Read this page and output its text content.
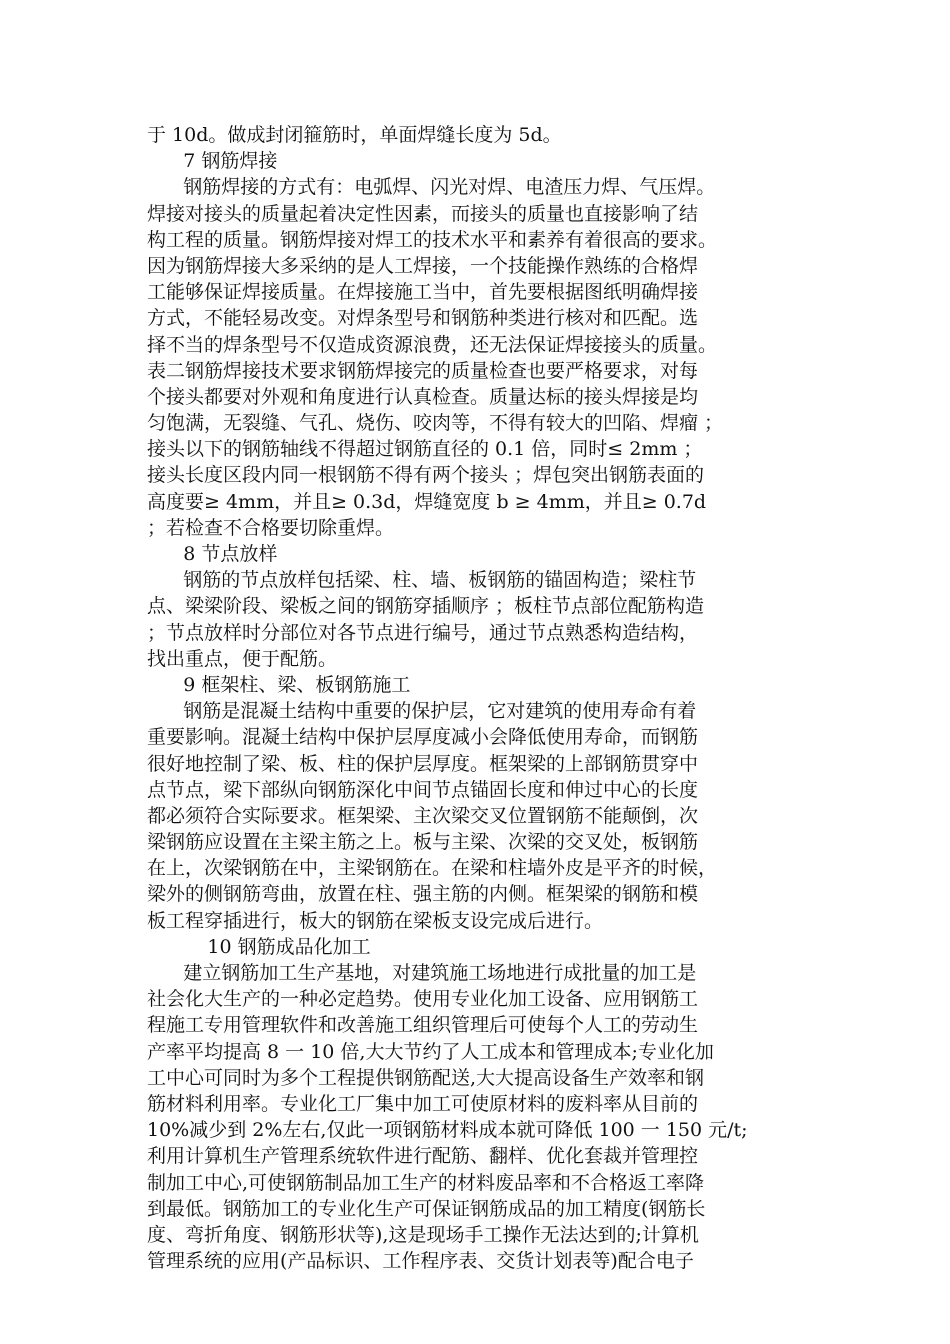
于 10d。做成封闭箍筋时，单面焊缝长度为 5d。
7 钢筋焊接
钢筋焊接的方式有：电弧焊、闪光对焊、电渣压力焊、气压焊。
焊接对接头的质量起着决定性因素，而接头的质量也直接影响了结
构工程的质量。钢筋焊接对焊工的技术水平和素养有着很高的要求。
因为钢筋焊接大多采纳的是人工焊接，一个技能操作熟练的合格焊
工能够保证焊接质量。在焊接施工当中，首先要根据图纸明确焊接
方式，不能轻易改变。对焊条型号和钢筋种类进行核对和匹配。选
择不当的焊条型号不仅造成资源浪费，还无法保证焊接接头的质量。
表二钢筋焊接技术要求钢筋焊接完的质量检查也要严格要求，对每
个接头都要对外观和角度进行认真检查。质量达标的接头焊接是均
匀饱满，无裂缝、气孔、烧伤、咬肉等，不得有较大的凹陷、焊瘤 ；
接头以下的钢筋轴线不得超过钢筋直径的 0.1 倍，同时≤ 2mm ；
接头长度区段内同一根钢筋不得有两个接头 ；焊包突出钢筋表面的
高度要≥ 4mm，并且≥ 0.3d，焊缝宽度 b ≥ 4mm，并且≥ 0.7d
；若检查不合格要切除重焊。
8 节点放样
钢筋的节点放样包括梁、柱、墙、板钢筋的锚固构造；梁柱节
点、梁梁阶段、梁板之间的钢筋穿插顺序 ；板柱节点部位配筋构造
；节点放样时分部位对各节点进行编号，通过节点熟悉构造结构，
找出重点，便于配筋。
9 框架柱、梁、板钢筋施工
钢筋是混凝土结构中重要的保护层，它对建筑的使用寿命有着
重要影响。混凝土结构中保护层厚度减小会降低使用寿命，而钢筋
很好地控制了梁、板、柱的保护层厚度。框架梁的上部钢筋贯穿中
点节点，梁下部纵向钢筋深化中间节点锚固长度和伸过中心的长度
都必须符合实际要求。框架梁、主次梁交叉位置钢筋不能颠倒，次
梁钢筋应设置在主梁主筋之上。板与主梁、次梁的交叉处，板钢筋
在上，次梁钢筋在中，主梁钢筋在。在梁和柱墙外皮是平齐的时候，
梁外的侧钢筋弯曲，放置在柱、强主筋的内侧。框架梁的钢筋和模
板工程穿插进行，板大的钢筋在梁板支设完成后进行。
10 钢筋成品化加工
建立钢筋加工生产基地，对建筑施工场地进行成批量的加工是
社会化大生产的一种必定趋势。使用专业化加工设备、应用钢筋工
程施工专用管理软件和改善施工组织管理后可使每个人工的劳动生
产率平均提高 8 一 10 倍,大大节约了人工成本和管理成本;专业化加
工中心可同时为多个工程提供钢筋配送,大大提高设备生产效率和钢
筋材料利用率。专业化工厂集中加工可使原材料的废料率从目前的
10%减少到 2%左右,仅此一项钢筋材料成本就可降低 100 一 150 元/t;
利用计算机生产管理系统软件进行配筋、翻样、优化套裁并管理控
制加工中心,可使钢筋制品加工生产的材料废品率和不合格返工率降
到最低。钢筋加工的专业化生产可保证钢筋成品的加工精度(钢筋长
度、弯折角度、钢筋形状等),这是现场手工操作无法达到的;计算机
管理系统的应用(产品标识、工作程序表、交货计划表等)配合电子
